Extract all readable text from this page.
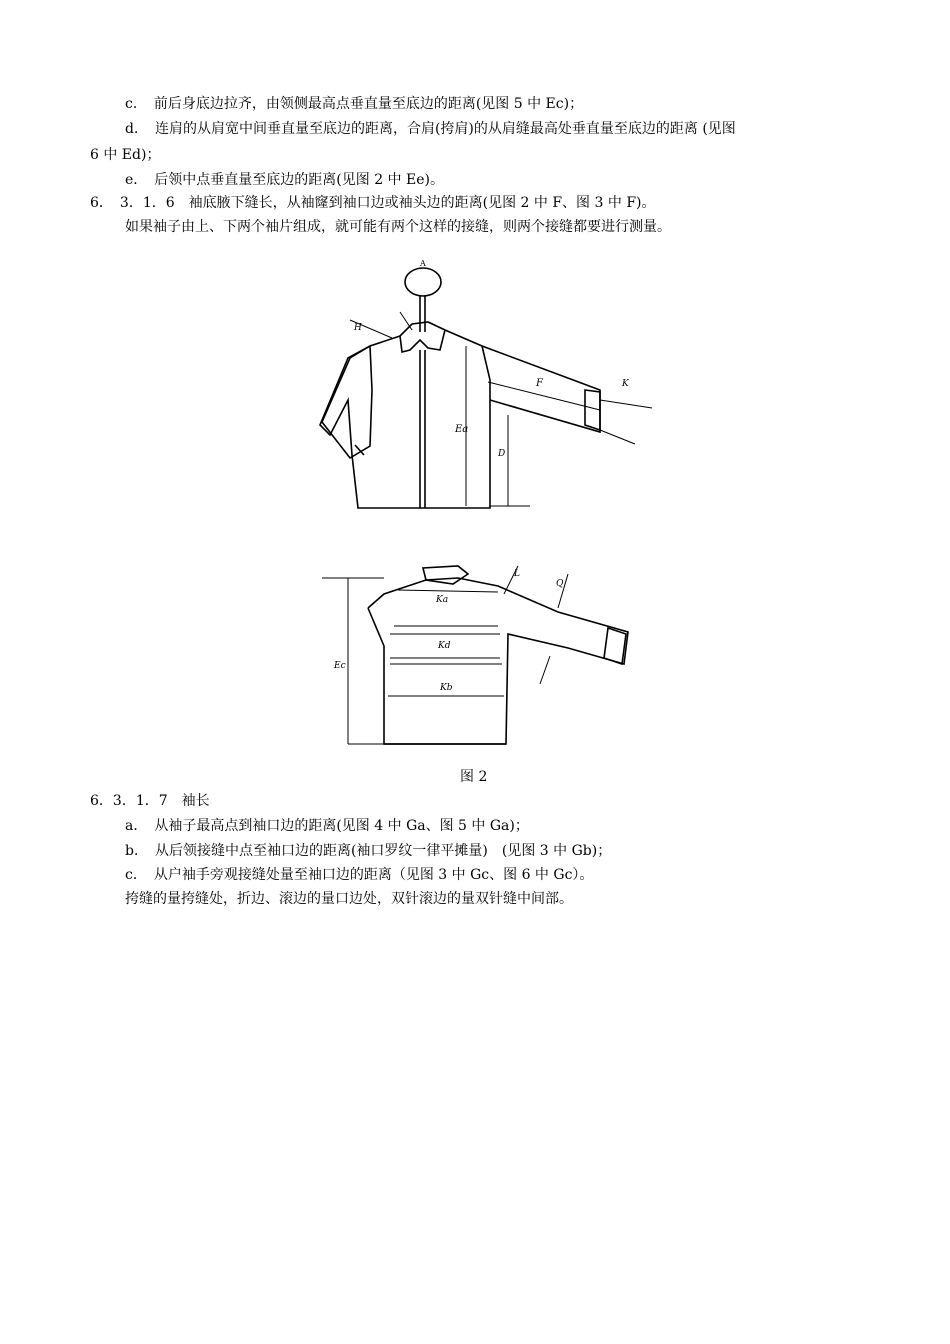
c．　前后身底边拉齐，由领侧最高点垂直量至底边的距离(见图 5 中 Ec)；
d．　连肩的从肩宽中间垂直量至底边的距离，合肩(挎肩)的从肩缝最高处垂直量至底边的距离 (见图
6 中 Ed)；
e．　后领中点垂直量至底边的距离(见图 2 中 Ee)。
6．　3．1．6　袖底腋下缝长，从袖窿到袖口边或袖头边的距离(见图 2 中 F、图 3 中 F)。
如果袖子由上、下两个袖片组成，就可能有两个这样的接缝，则两个接缝都要进行测量。
A
H
F	K
Ea
D
Ec
Ka
Kd
Kb
L
Q
图 2
6．3．1．7　袖长
a．　从袖子最高点到袖口边的距离(见图 4 中 Ga、图 5 中 Ga)；
b．　从后领接缝中点至袖口边的距离(袖口罗纹一律平摊量)　(见图 3 中 Gb)；
c．　从户袖手旁观接缝处量至袖口边的距离（见图 3 中 Gc、图 6 中 Gc）。
挎缝的量挎缝处，折边、滚边的量口边处，双针滚边的量双针缝中间部。
